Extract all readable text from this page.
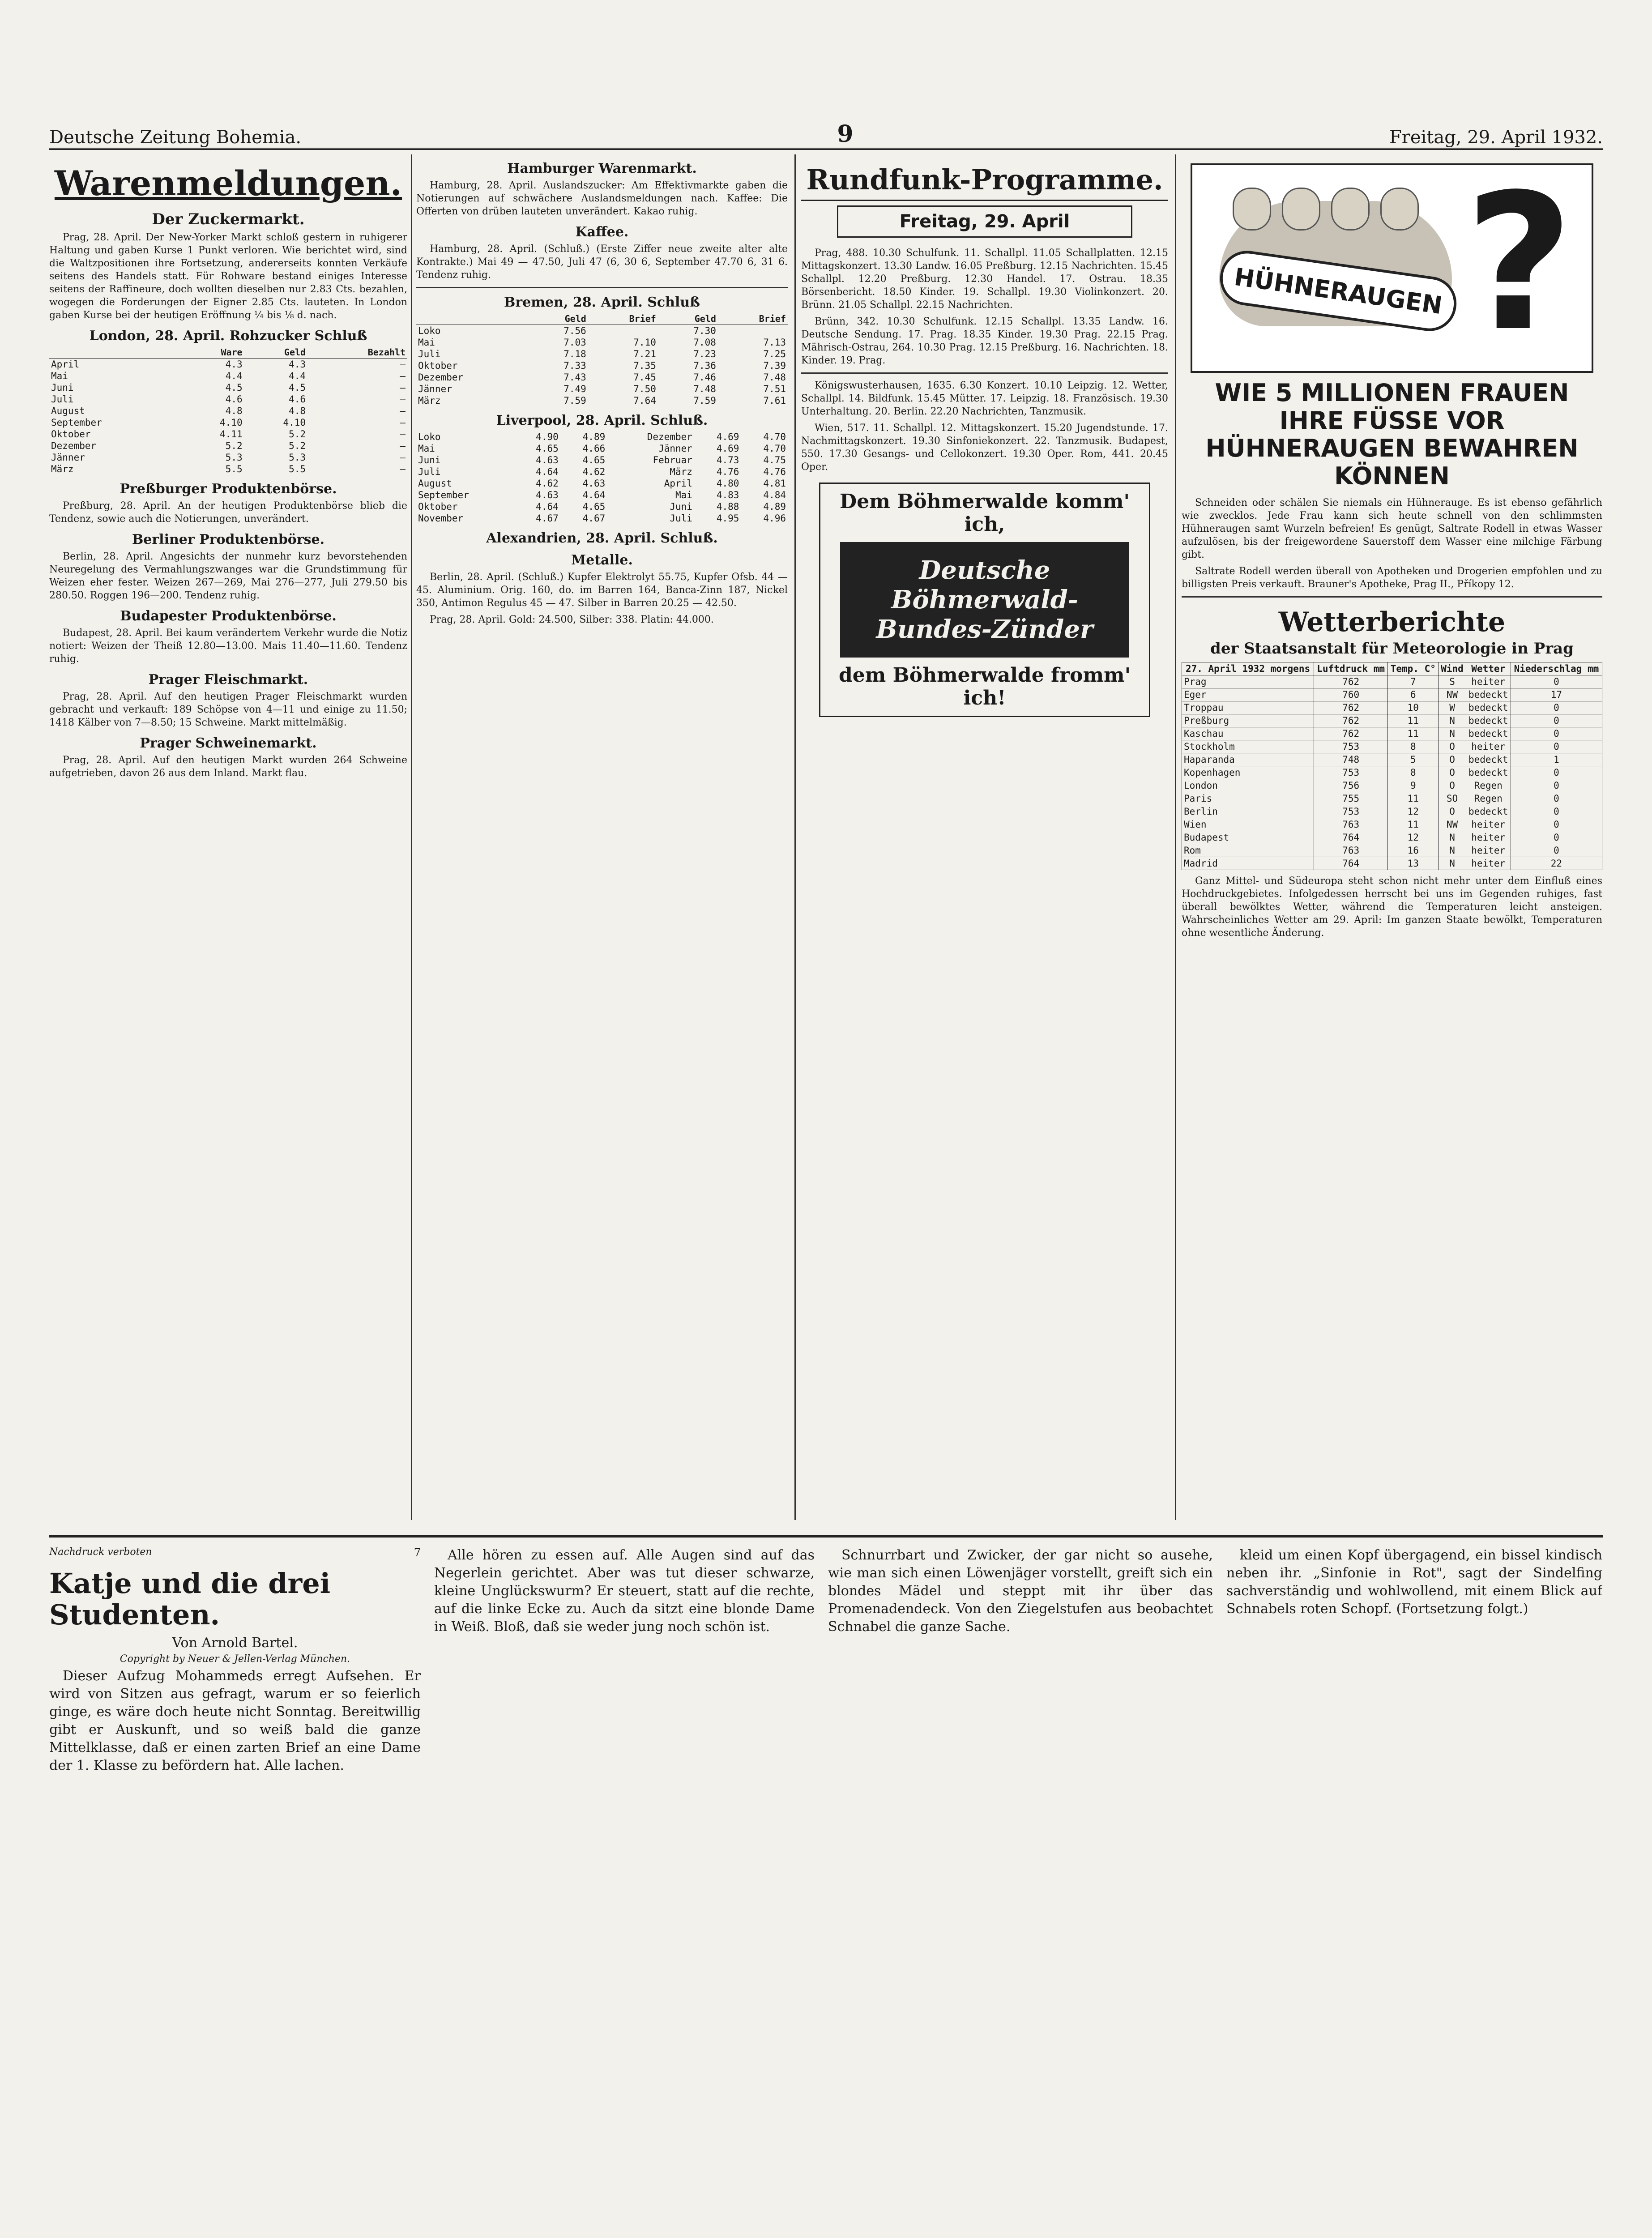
Deutsche Zeitung Bohemia.	9	Freitag, 29. April 1932.
Warenmeldungen.
Der Zuckermarkt.

Prag, 28. April. Der New-Yorker Markt schloß gestern in ruhigerer Haltung und gaben Kurse 1 Punkt verloren. Wie berichtet wird, sind die Waltzpositionen ihre Fortsetzung, andererseits konnten Verkäufe seitens des Handels statt. Für Rohware bestand einiges Interesse seitens der Raffineure, doch wollten dieselben nur 2.83 Cts. bezahlen, wogegen die Forderungen der Eigner 2.85 Cts. lauteten. In London gaben Kurse bei der heutigen Eröffnung ¼ bis ⅛ d. nach.

London, 28. April. Rohzucker Schluß
	Ware	Geld	Bezahlt
April	4.3	4.3	—
Mai	4.4	4.4	—
Juni	4.5	4.5	—
Juli	4.6	4.6	—
August	4.8	4.8	—
September	4.10	4.10	—
Oktober	4.11	5.2	—
Dezember	5.2	5.2	—
Jänner	5.3	5.3	—
März	5.5	5.5	—
Preßburger Produktenbörse.

Preßburg, 28. April. An der heutigen Produktenbörse blieb die Tendenz, sowie auch die Notierungen, unverändert.

Berliner Produktenbörse.

Berlin, 28. April. Angesichts der nunmehr kurz bevorstehenden Neuregelung des Vermahlungszwanges war die Grundstimmung für Weizen eher fester. Weizen 267—269, Mai 276—277, Juli 279.50 bis 280.50. Roggen 196—200. Tendenz ruhig.

Budapester Produktenbörse.

Budapest, 28. April. Bei kaum verändertem Verkehr wurde die Notiz notiert: Weizen der Theiß 12.80—13.00. Mais 11.40—11.60. Tendenz ruhig.

Prager Fleischmarkt.

Prag, 28. April. Auf den heutigen Prager Fleischmarkt wurden gebracht und verkauft: 189 Schöpse von 4—11 und einige zu 11.50; 1418 Kälber von 7—8.50; 15 Schweine. Markt mittelmäßig.

Prager Schweinemarkt.

Prag, 28. April. Auf den heutigen Markt wurden 264 Schweine aufgetrieben, davon 26 aus dem Inland. Markt flau.

Hamburger Warenmarkt.

Hamburg, 28. April. Auslandszucker: Am Effektivmarkte gaben die Notierungen auf schwächere Auslandsmeldungen nach. Kaffee: Die Offerten von drüben lauteten unverändert. Kakao ruhig.

Kaffee.

Hamburg, 28. April. (Schluß.) (Erste Ziffer neue zweite alter alte Kontrakte.) Mai 49 — 47.50, Juli 47 (6, 30 6, September 47.70 6, 31 6. Tendenz ruhig.

Bremen, 28. April. Schluß
	Geld	Brief	Geld	Brief
Loko	7.56		7.30	
Mai	7.03	7.10	7.08	7.13
Juli	7.18	7.21	7.23	7.25
Oktober	7.33	7.35	7.36	7.39
Dezember	7.43	7.45	7.46	7.48
Jänner	7.49	7.50	7.48	7.51
März	7.59	7.64	7.59	7.61
Liverpool, 28. April. Schluß.
Loko	4.90	4.89	Dezember	4.69	4.70
Mai	4.65	4.66	Jänner	4.69	4.70
Juni	4.63	4.65	Februar	4.73	4.75
Juli	4.64	4.62	März	4.76	4.76
August	4.62	4.63	April	4.80	4.81
September	4.63	4.64	Mai	4.83	4.84
Oktober	4.64	4.65	Juni	4.88	4.89
November	4.67	4.67	Juli	4.95	4.96
Alexandrien, 28. April. Schluß.
Metalle.

Berlin, 28. April. (Schluß.) Kupfer Elektrolyt 55.75, Kupfer Ofsb. 44 — 45. Aluminium. Orig. 160, do. im Barren 164, Banca-Zinn 187, Nickel 350, Antimon Regulus 45 — 47. Silber in Barren 20.25 — 42.50.

Prag, 28. April. Gold: 24.500, Silber: 338. Platin: 44.000.

Rundfunk-Programme.
Freitag, 29. April

Prag, 488. 10.30 Schulfunk. 11. Schallpl. 11.05 Schallplatten. 12.15 Mittagskonzert. 13.30 Landw. 16.05 Preßburg. 12.15 Nachrichten. 15.45 Schallpl. 12.20 Preßburg. 12.30 Handel. 17. Ostrau. 18.35 Börsenbericht. 18.50 Kinder. 19. Schallpl. 19.30 Violinkonzert. 20. Brünn. 21.05 Schallpl. 22.15 Nachrichten.

Brünn, 342. 10.30 Schulfunk. 12.15 Schallpl. 13.35 Landw. 16. Deutsche Sendung. 17. Prag. 18.35 Kinder. 19.30 Prag. 22.15 Prag. Mährisch-Ostrau, 264. 10.30 Prag. 12.15 Preßburg. 16. Nachrichten. 18. Kinder. 19. Prag.

Königswusterhausen, 1635. 6.30 Konzert. 10.10 Leipzig. 12. Wetter, Schallpl. 14. Bildfunk. 15.45 Mütter. 17. Leipzig. 18. Französisch. 19.30 Unterhaltung. 20. Berlin. 22.20 Nachrichten, Tanzmusik.

Wien, 517. 11. Schallpl. 12. Mittagskonzert. 15.20 Jugendstunde. 17. Nachmittagskonzert. 19.30 Sinfoniekonzert. 22. Tanzmusik. Budapest, 550. 17.30 Gesangs- und Cellokonzert. 19.30 Oper. Rom, 441. 20.45 Oper.

Dem Böhmerwalde komm' ich,
Deutsche Böhmerwald-Bundes-Zünder
dem Böhmerwalde fromm' ich!
HÜHNERAUGEN ?
WIE 5 MILLIONEN FRAUEN IHRE FÜSSE VOR HÜHNERAUGEN BEWAHREN KÖNNEN

Schneiden oder schälen Sie niemals ein Hühnerauge. Es ist ebenso gefährlich wie zwecklos. Jede Frau kann sich heute schnell von den schlimmsten Hühneraugen samt Wurzeln befreien! Es genügt, Saltrate Rodell in etwas Wasser aufzulösen, bis der freigewordene Sauerstoff dem Wasser eine milchige Färbung gibt.

Saltrate Rodell werden überall von Apotheken und Drogerien empfohlen und zu billigsten Preis verkauft. Brauner's Apotheke, Prag II., Příkopy 12.

Wetterberichte
der Staatsanstalt für Meteorologie in Prag
27. April 1932 morgens	Luftdruck mm	Temp. C°	Wind	Wetter	Niederschlag mm
Prag	762	7	S	heiter	0
Eger	760	6	NW	bedeckt	17
Troppau	762	10	W	bedeckt	0
Preßburg	762	11	N	bedeckt	0
Kaschau	762	11	N	bedeckt	0
Stockholm	753	8	O	heiter	0
Haparanda	748	5	O	bedeckt	1
Kopenhagen	753	8	O	bedeckt	0
London	756	9	O	Regen	0
Paris	755	11	SO	Regen	0
Berlin	753	12	O	bedeckt	0
Wien	763	11	NW	heiter	0
Budapest	764	12	N	heiter	0
Rom	763	16	N	heiter	0
Madrid	764	13	N	heiter	22

Ganz Mittel- und Südeuropa steht schon nicht mehr unter dem Einfluß eines Hochdruckgebietes. Infolgedessen herrscht bei uns im Gegenden ruhiges, fast überall bewölktes Wetter, während die Temperaturen leicht ansteigen. Wahrscheinliches Wetter am 29. April: Im ganzen Staate bewölkt, Temperaturen ohne wesentliche Änderung.

Nachdruck verboten	7
Katje und die drei Studenten.
Von Arnold Bartel.
Copyright by Neuer & Jellen-Verlag München.

Dieser Aufzug Mohammeds erregt Aufsehen. Er wird von Sitzen aus gefragt, warum er so feierlich ginge, es wäre doch heute nicht Sonntag. Bereitwillig gibt er Auskunft, und so weiß bald die ganze Mittelklasse, daß er einen zarten Brief an eine Dame der 1. Klasse zu befördern hat. Alle lachen.

Alle hören zu essen auf. Alle Augen sind auf das Negerlein gerichtet. Aber was tut dieser schwarze, kleine Unglückswurm? Er steuert, statt auf die rechte, auf die linke Ecke zu. Auch da sitzt eine blonde Dame in Weiß. Bloß, daß sie weder jung noch schön ist.

Schnurrbart und Zwicker, der gar nicht so ausehe, wie man sich einen Löwenjäger vorstellt, greift sich ein blondes Mädel und steppt mit ihr über das Promenadendeck. Von den Ziegelstufen aus beobachtet Schnabel die ganze Sache.

kleid um einen Kopf übergagend, ein bissel kindisch neben ihr. „Sinfonie in Rot", sagt der Sindelfing sachverständig und wohlwollend, mit einem Blick auf Schnabels roten Schopf. (Fortsetzung folgt.)
